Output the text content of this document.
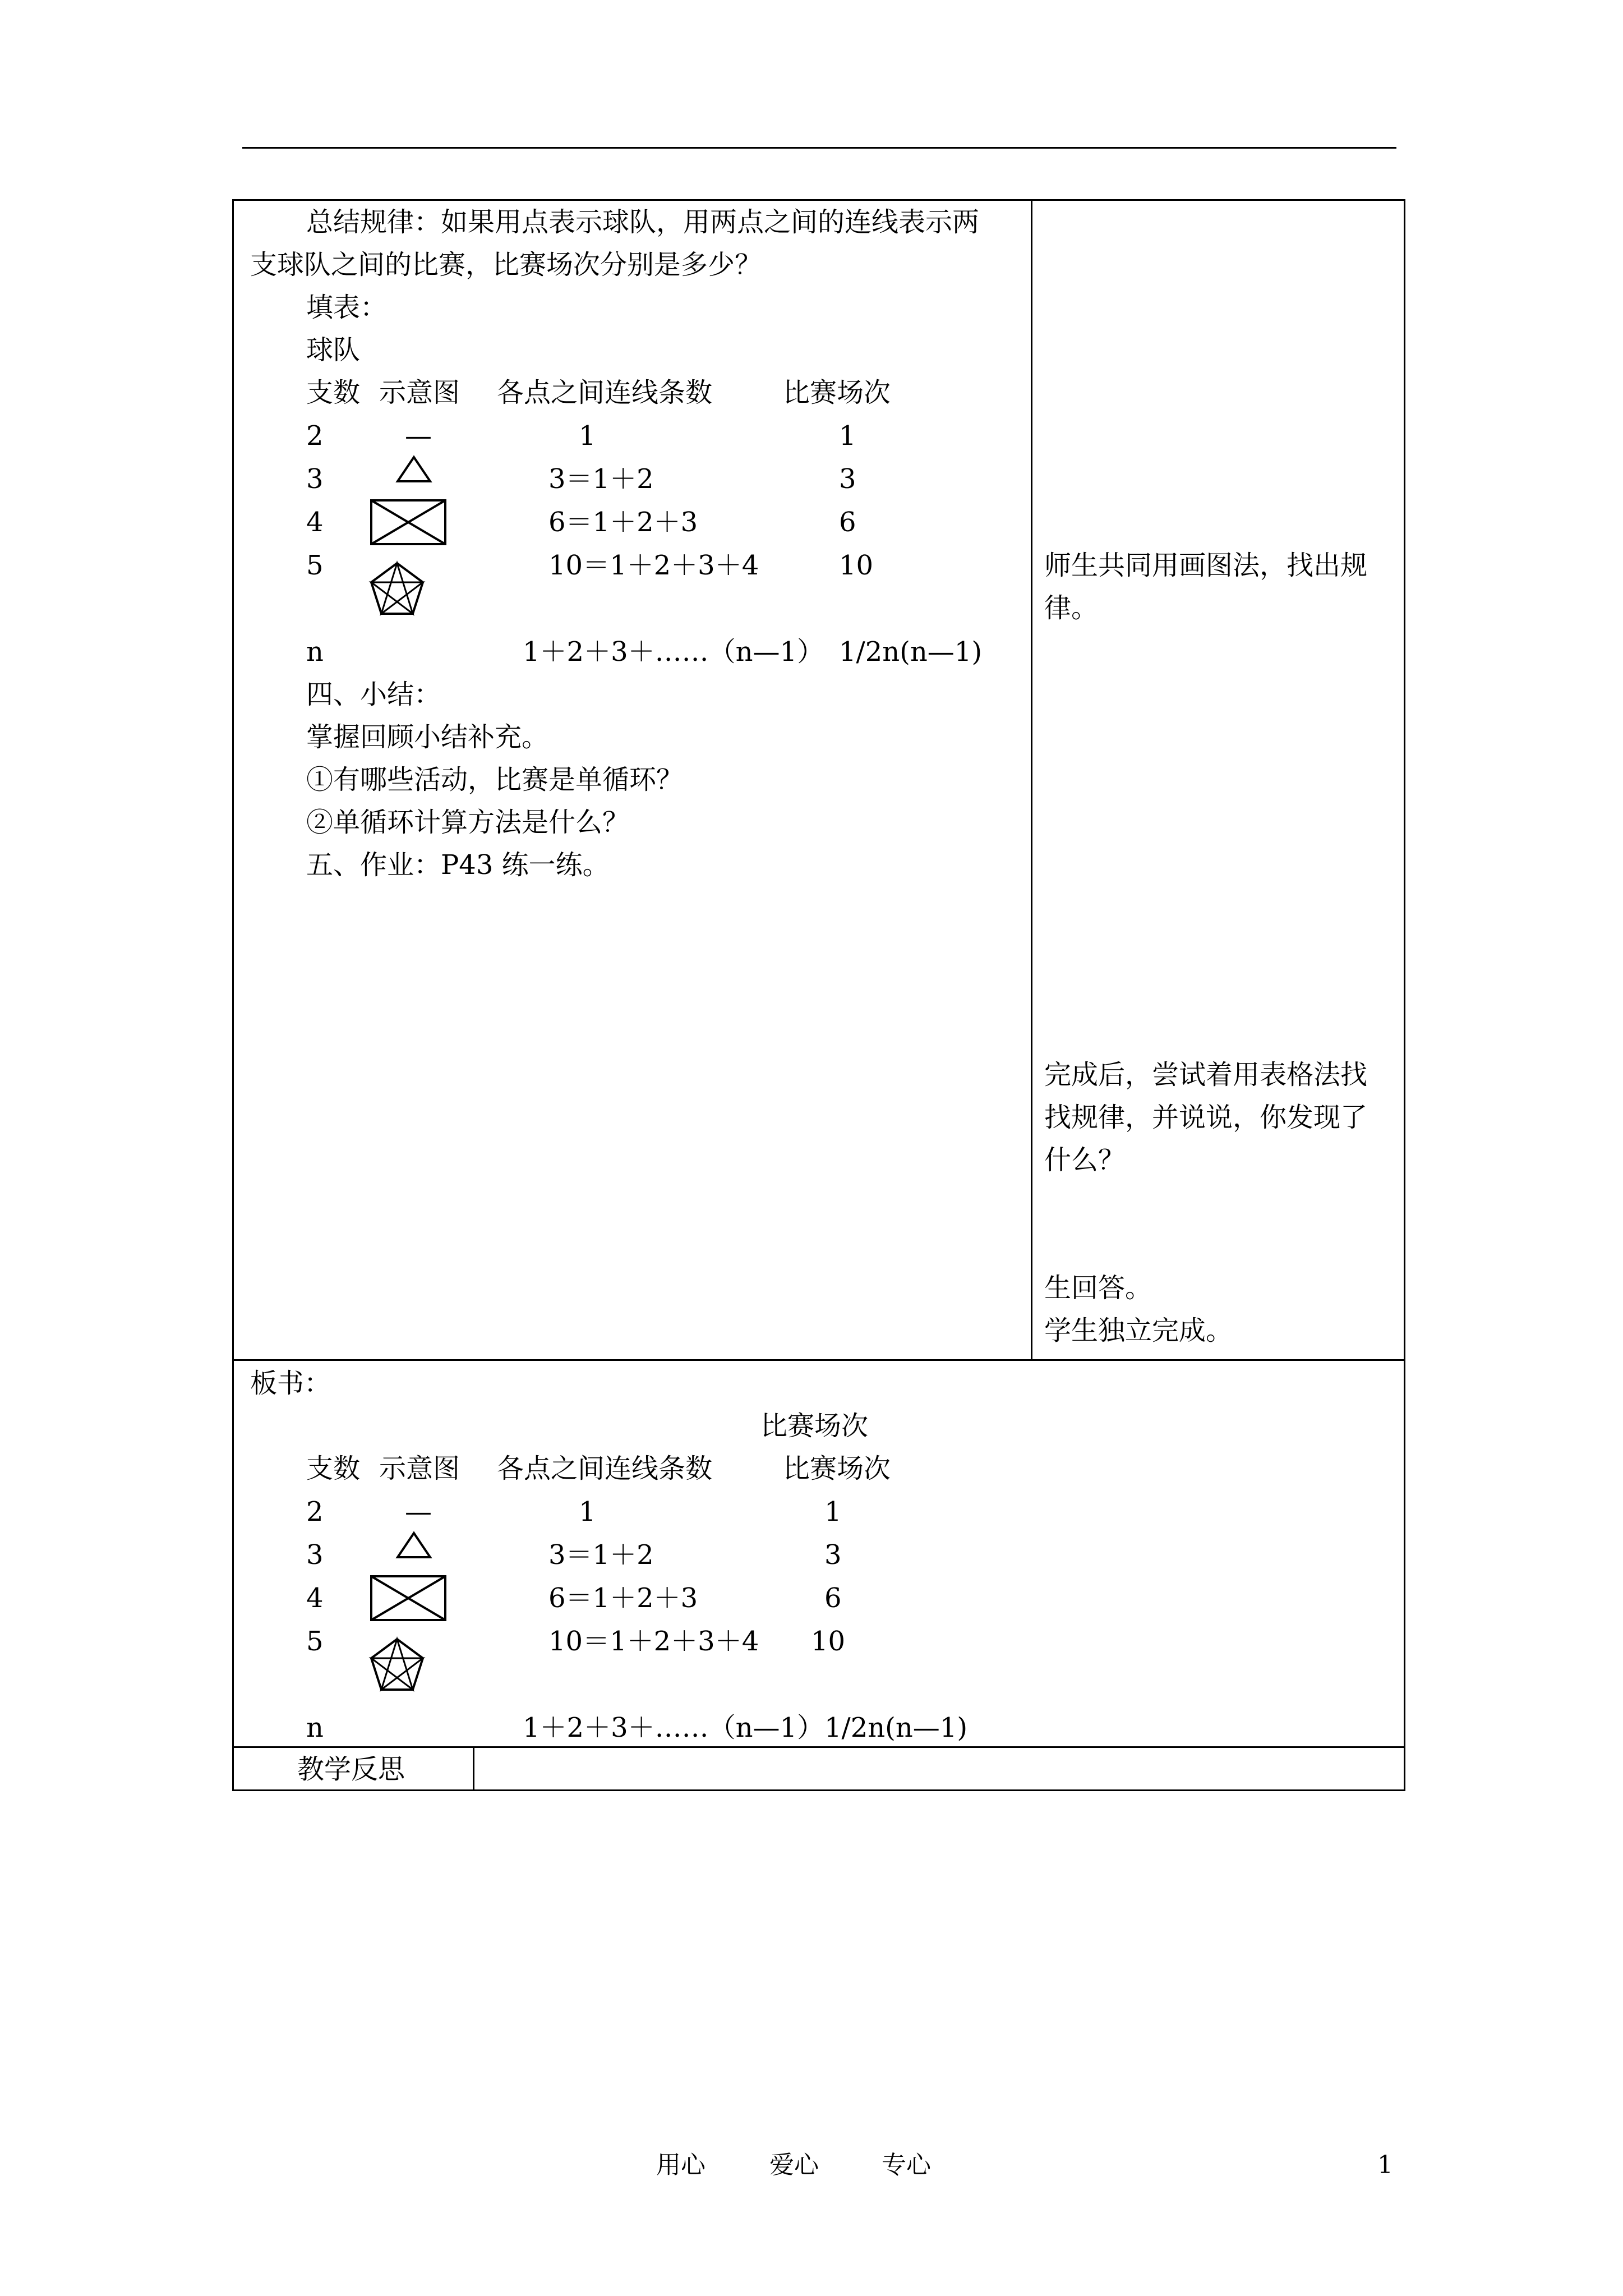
总结规律：如果用点表示球队，用两点之间的连线表示两
支球队之间的比赛，比赛场次分别是多少？
填表：
球队
支数 示意图 各点之间连线条数	比赛场次
2	—	1	1
3	3＝1＋2	3
4	6＝1＋2＋3	6
5	10＝1＋2＋3＋4	10
n	1＋2＋3＋……（n—1） 1/2n(n—1)
四、小结：
掌握回顾小结补充。
①有哪些活动，比赛是单循环？
②单循环计算方法是什么？
五、作业：P43 练一练。
师生共同用画图法，找出规
律。
完成后，尝试着用表格法找
找规律，并说说，你发现了
什么？
生回答。
学生独立完成。
板书：
比赛场次
支数 示意图 各点之间连线条数	比赛场次
2	—	1	1
3	3＝1＋2	3
4	6＝1＋2＋3	6
5	10＝1＋2＋3＋4 10
n	1＋2＋3＋……（n—1） 1/2n(n—1)
教学反思
用心	爱心	专心	1
